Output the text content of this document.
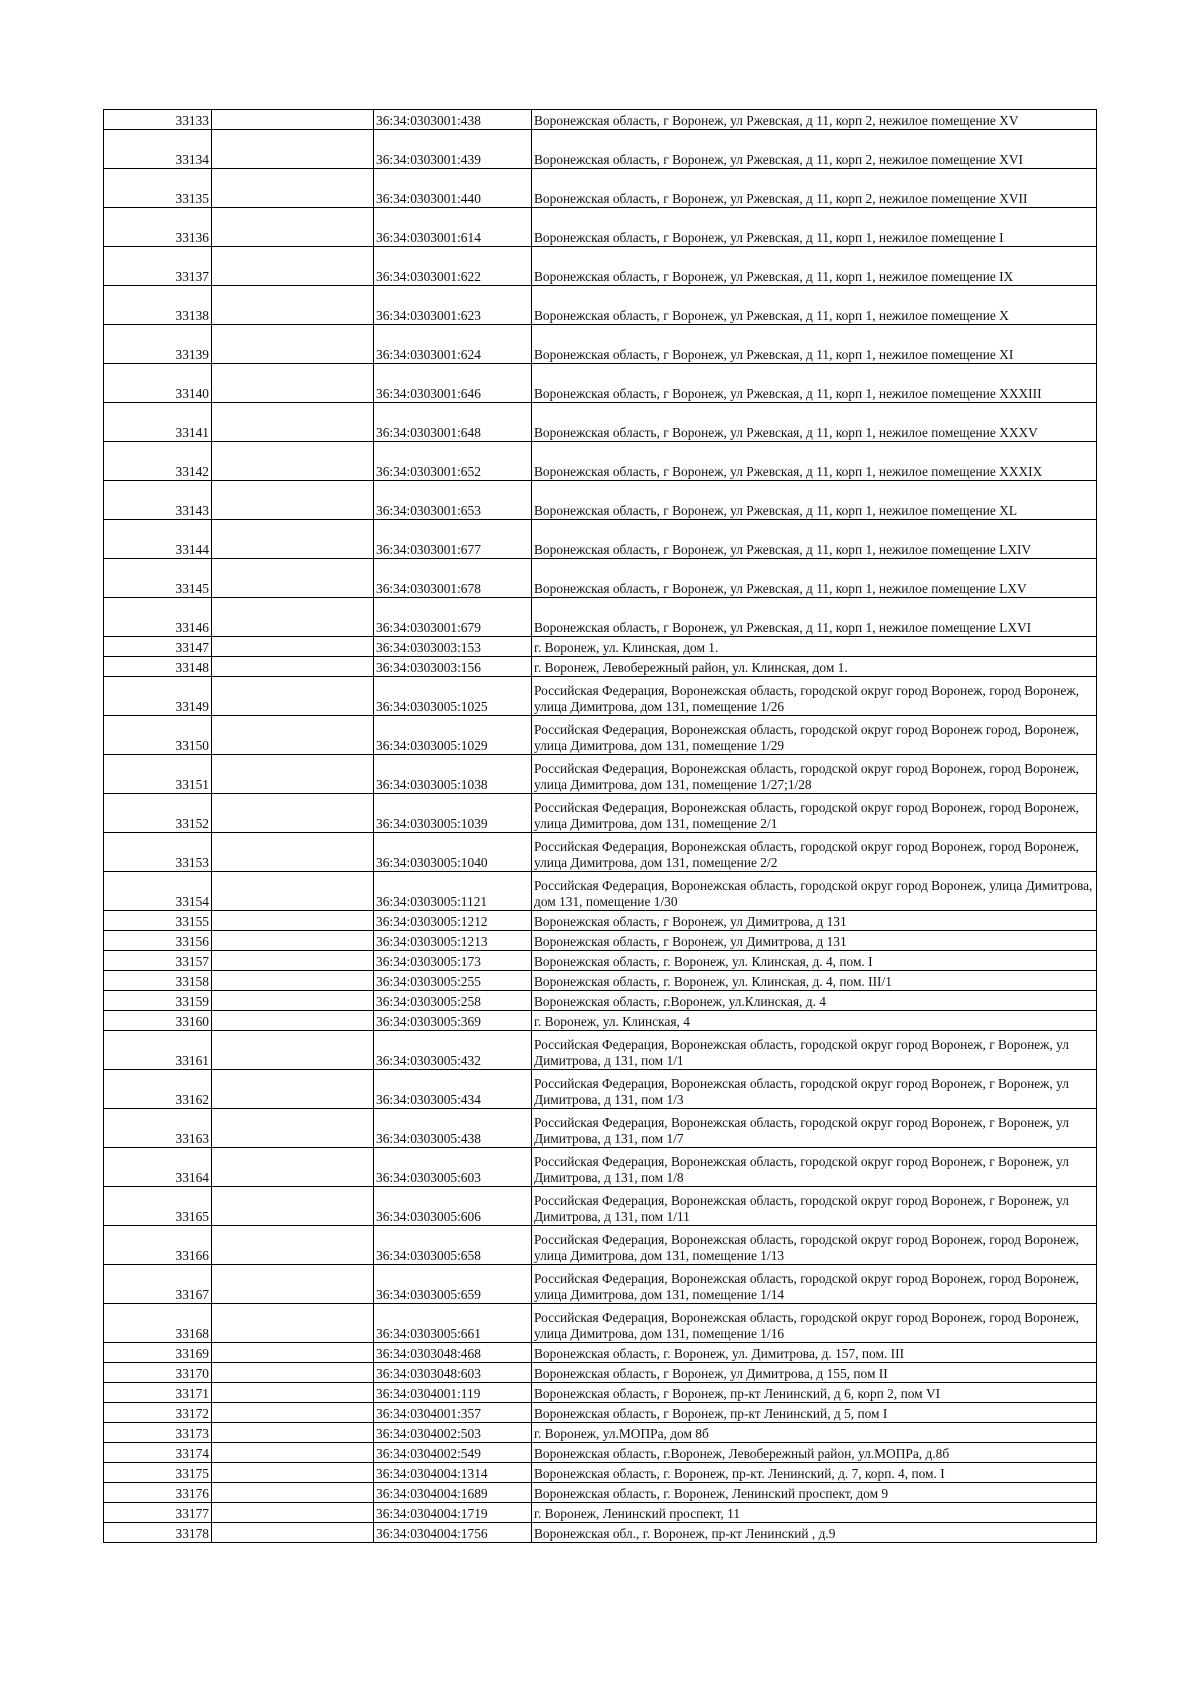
33133		36:34:0303001:438	Воронежская область, г Воронеж, ул Ржевская, д 11, корп 2, нежилое помещение XV
33134		36:34:0303001:439	Воронежская область, г Воронеж, ул Ржевская, д 11, корп 2, нежилое помещение XVI
33135		36:34:0303001:440	Воронежская область, г Воронеж, ул Ржевская, д 11, корп 2, нежилое помещение XVII
33136		36:34:0303001:614	Воронежская область, г Воронеж, ул Ржевская, д 11, корп 1, нежилое помещение I
33137		36:34:0303001:622	Воронежская область, г Воронеж, ул Ржевская, д 11, корп 1, нежилое помещение IX
33138		36:34:0303001:623	Воронежская область, г Воронеж, ул Ржевская, д 11, корп 1, нежилое помещение X
33139		36:34:0303001:624	Воронежская область, г Воронеж, ул Ржевская, д 11, корп 1, нежилое помещение XI
33140		36:34:0303001:646	Воронежская область, г Воронеж, ул Ржевская, д 11, корп 1, нежилое помещение XXXIII
33141		36:34:0303001:648	Воронежская область, г Воронеж, ул Ржевская, д 11, корп 1, нежилое помещение XXXV
33142		36:34:0303001:652	Воронежская область, г Воронеж, ул Ржевская, д 11, корп 1, нежилое помещение XXXIX
33143		36:34:0303001:653	Воронежская область, г Воронеж, ул Ржевская, д 11, корп 1, нежилое помещение XL
33144		36:34:0303001:677	Воронежская область, г Воронеж, ул Ржевская, д 11, корп 1, нежилое помещение LXIV
33145		36:34:0303001:678	Воронежская область, г Воронеж, ул Ржевская, д 11, корп 1, нежилое помещение LXV
33146		36:34:0303001:679	Воронежская область, г Воронеж, ул Ржевская, д 11, корп 1, нежилое помещение LXVI
33147		36:34:0303003:153	г. Воронеж, ул. Клинская, дом 1.
33148		36:34:0303003:156	г. Воронеж, Левобережный район, ул. Клинская, дом 1.
33149		36:34:0303005:1025	Российская Федерация, Воронежская область, городской округ город Воронеж, город Воронеж, улица Димитрова, дом 131, помещение 1/26
33150		36:34:0303005:1029	Российская Федерация, Воронежская область, городской округ город Воронеж город, Воронеж, улица Димитрова, дом 131, помещение 1/29
33151		36:34:0303005:1038	Российская Федерация, Воронежская область, городской округ город Воронеж, город Воронеж, улица Димитрова, дом 131, помещение 1/27;1/28
33152		36:34:0303005:1039	Российская Федерация, Воронежская область, городской округ город Воронеж, город Воронеж, улица Димитрова, дом 131, помещение 2/1
33153		36:34:0303005:1040	Российская Федерация, Воронежская область, городской округ город Воронеж, город Воронеж, улица Димитрова, дом 131, помещение 2/2
33154		36:34:0303005:1121	Российская Федерация, Воронежская область, городской округ город Воронеж, улица Димитрова, дом 131, помещение 1/30
33155		36:34:0303005:1212	Воронежская область, г Воронеж, ул Димитрова, д 131
33156		36:34:0303005:1213	Воронежская область, г Воронеж, ул Димитрова, д 131
33157		36:34:0303005:173	Воронежская область, г. Воронеж, ул. Клинская, д. 4, пом. I
33158		36:34:0303005:255	Воронежская область, г. Воронеж, ул. Клинская, д. 4, пом. III/1
33159		36:34:0303005:258	Воронежская область, г.Воронеж, ул.Клинская, д. 4
33160		36:34:0303005:369	г. Воронеж, ул. Клинская, 4
33161		36:34:0303005:432	Российская Федерация, Воронежская область, городской округ город Воронеж, г Воронеж, ул Димитрова, д 131, пом 1/1
33162		36:34:0303005:434	Российская Федерация, Воронежская область, городской округ город Воронеж, г Воронеж, ул Димитрова, д 131, пом 1/3
33163		36:34:0303005:438	Российская Федерация, Воронежская область, городской округ город Воронеж, г Воронеж, ул Димитрова, д 131, пом 1/7
33164		36:34:0303005:603	Российская Федерация, Воронежская область, городской округ город Воронеж, г Воронеж, ул Димитрова, д 131, пом 1/8
33165		36:34:0303005:606	Российская Федерация, Воронежская область, городской округ город Воронеж, г Воронеж, ул Димитрова, д 131, пом 1/11
33166		36:34:0303005:658	Российская Федерация, Воронежская область, городской округ город Воронеж, город Воронеж, улица Димитрова, дом 131, помещение 1/13
33167		36:34:0303005:659	Российская Федерация, Воронежская область, городской округ город Воронеж, город Воронеж, улица Димитрова, дом 131, помещение 1/14
33168		36:34:0303005:661	Российская Федерация, Воронежская область, городской округ город Воронеж, город Воронеж, улица Димитрова, дом 131, помещение 1/16
33169		36:34:0303048:468	Воронежская область, г. Воронеж, ул. Димитрова, д. 157, пом. III
33170		36:34:0303048:603	Воронежская область, г Воронеж, ул Димитрова, д 155, пом II
33171		36:34:0304001:119	Воронежская область, г Воронеж, пр-кт Ленинский, д 6, корп 2, пом VI
33172		36:34:0304001:357	Воронежская область, г Воронеж, пр-кт Ленинский, д 5, пом I
33173		36:34:0304002:503	г. Воронеж, ул.МОПРа, дом 8б
33174		36:34:0304002:549	Воронежская область, г.Воронеж, Левобережный район, ул.МОПРа, д.8б
33175		36:34:0304004:1314	Воронежская область, г. Воронеж, пр-кт. Ленинский, д. 7, корп. 4, пом. I
33176		36:34:0304004:1689	Воронежская область, г. Воронеж, Ленинский проспект, дом 9
33177		36:34:0304004:1719	г. Воронеж, Ленинский проспект, 11
33178		36:34:0304004:1756	Воронежская обл., г. Воронеж, пр-кт Ленинский , д.9
